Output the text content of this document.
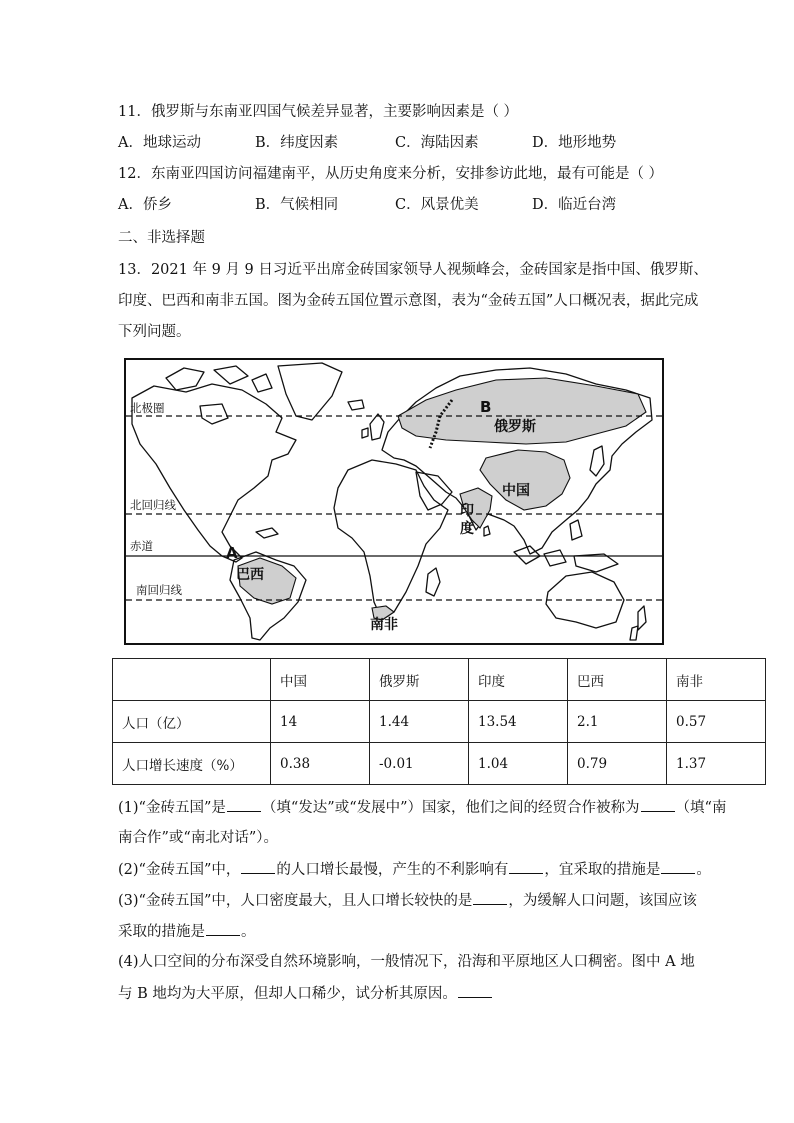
11．俄罗斯与东南亚四国气候差异显著，主要影响因素是（ ）
A．地球运动	B．纬度因素	C．海陆因素	D．地形地势
12．东南亚四国访问福建南平，从历史角度来分析，安排参访此地，最有可能是（ ）
A．侨乡	B．气候相同	C．风景优美	D．临近台湾
二、非选择题
13．2021 年 9 月 9 日习近平出席金砖国家领导人视频峰会，金砖国家是指中国、俄罗斯、
印度、巴西和南非五国。图为金砖五国位置示意图，表为“金砖五国”人口概况表，据此完成
下列问题。
北极圈
北回归线
赤道
南回归线
俄罗斯
中国
印
度
巴西
南非
A
B
	中国	俄罗斯	印度	巴西	南非
人口（亿）	14	1.44	13.54	2.1	0.57
人口增长速度（%）	0.38	-0.01	1.04	0.79	1.37
(1)“金砖五国”是 （填“发达”或“发展中”）国家，他们之间的经贸合作被称为 （填“南
南合作”或“南北对话”）。
(2)“金砖五国”中， 的人口增长最慢，产生的不利影响有 ，宜采取的措施是 。
(3)“金砖五国”中，人口密度最大，且人口增长较快的是 ，为缓解人口问题，该国应该
采取的措施是 。
(4)人口空间的分布深受自然环境影响，一般情况下，沿海和平原地区人口稠密。图中 A 地
与 B 地均为大平原，但却人口稀少，试分析其原因。
